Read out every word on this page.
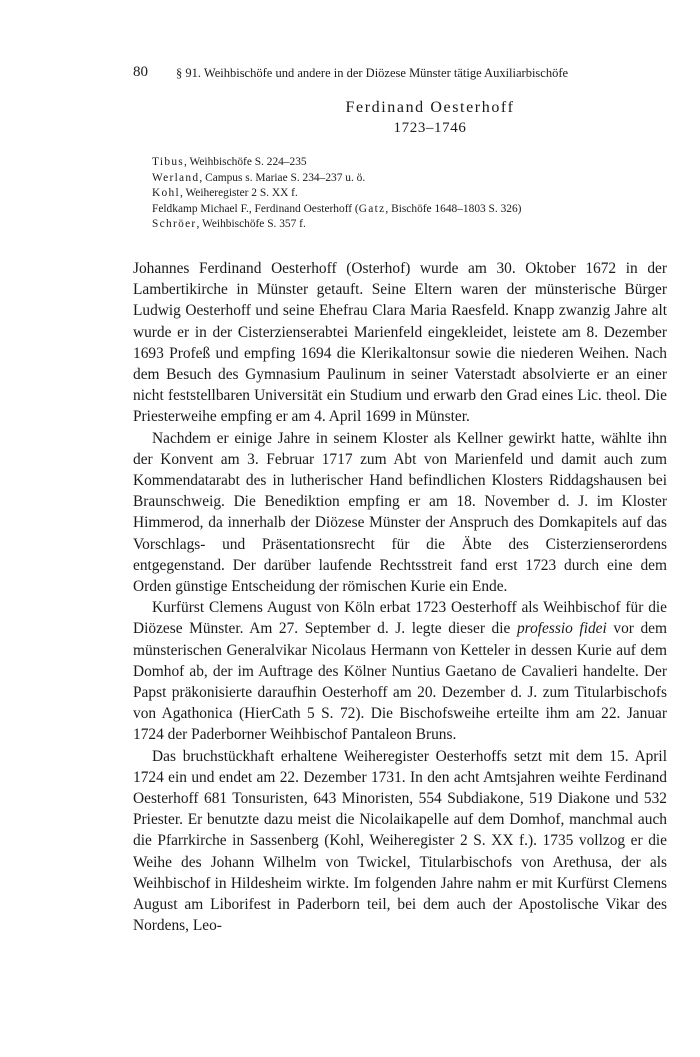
80 § 91. Weihbischöfe und andere in der Diözese Münster tätige Auxiliarbischöfe
Ferdinand Oesterhoff
1723–1746
Tibus, Weihbischöfe S. 224–235
Werland, Campus s. Mariae S. 234–237 u. ö.
Kohl, Weiheregister 2 S. XX f.
Feldkamp Michael F., Ferdinand Oesterhoff (Gatz, Bischöfe 1648–1803 S. 326)
Schröer, Weihbischöfe S. 357 f.

Johannes Ferdinand Oesterhoff (Osterhof) wurde am 30. Oktober 1672 in der Lambertikirche in Münster getauft. Seine Eltern waren der münsterische Bürger Ludwig Oesterhoff und seine Ehefrau Clara Maria Raesfeld. Knapp zwanzig Jahre alt wurde er in der Cisterzienserabtei Marienfeld eingekleidet, leistete am 8. Dezember 1693 Profeß und empfing 1694 die Klerikaltonsur sowie die niederen Weihen. Nach dem Besuch des Gymnasium Paulinum in seiner Vaterstadt absolvierte er an einer nicht feststellbaren Universität ein Studium und erwarb den Grad eines Lic. theol. Die Priesterweihe empfing er am 4. April 1699 in Münster.

Nachdem er einige Jahre in seinem Kloster als Kellner gewirkt hatte, wählte ihn der Konvent am 3. Februar 1717 zum Abt von Marienfeld und damit auch zum Kommendatarabt des in lutherischer Hand befindlichen Klosters Riddagshausen bei Braunschweig. Die Benediktion empfing er am 18. November d. J. im Kloster Himmerod, da innerhalb der Diözese Münster der Anspruch des Domkapitels auf das Vorschlags- und Präsentationsrecht für die Äbte des Cisterzienserordens entgegenstand. Der darüber laufende Rechtsstreit fand erst 1723 durch eine dem Orden günstige Entscheidung der römischen Kurie ein Ende.

Kurfürst Clemens August von Köln erbat 1723 Oesterhoff als Weihbischof für die Diözese Münster. Am 27. September d. J. legte dieser die professio fidei vor dem münsterischen Generalvikar Nicolaus Hermann von Ketteler in dessen Kurie auf dem Domhof ab, der im Auftrage des Kölner Nuntius Gaetano de Cavalieri handelte. Der Papst präkonisierte daraufhin Oesterhoff am 20. Dezember d. J. zum Titularbischofs von Agathonica (HierCath 5 S. 72). Die Bischofsweihe erteilte ihm am 22. Januar 1724 der Paderborner Weihbischof Pantaleon Bruns.

Das bruchstückhaft erhaltene Weiheregister Oesterhoffs setzt mit dem 15. April 1724 ein und endet am 22. Dezember 1731. In den acht Amtsjahren weihte Ferdinand Oesterhoff 681 Tonsuristen, 643 Minoristen, 554 Subdiakone, 519 Diakone und 532 Priester. Er benutzte dazu meist die Nicolaikapelle auf dem Domhof, manchmal auch die Pfarrkirche in Sassenberg (Kohl, Weiheregister 2 S. XX f.). 1735 vollzog er die Weihe des Johann Wilhelm von Twickel, Titularbischofs von Arethusa, der als Weihbischof in Hildesheim wirkte. Im folgenden Jahre nahm er mit Kurfürst Clemens August am Liborifest in Paderborn teil, bei dem auch der Apostolische Vikar des Nordens, Leo-
